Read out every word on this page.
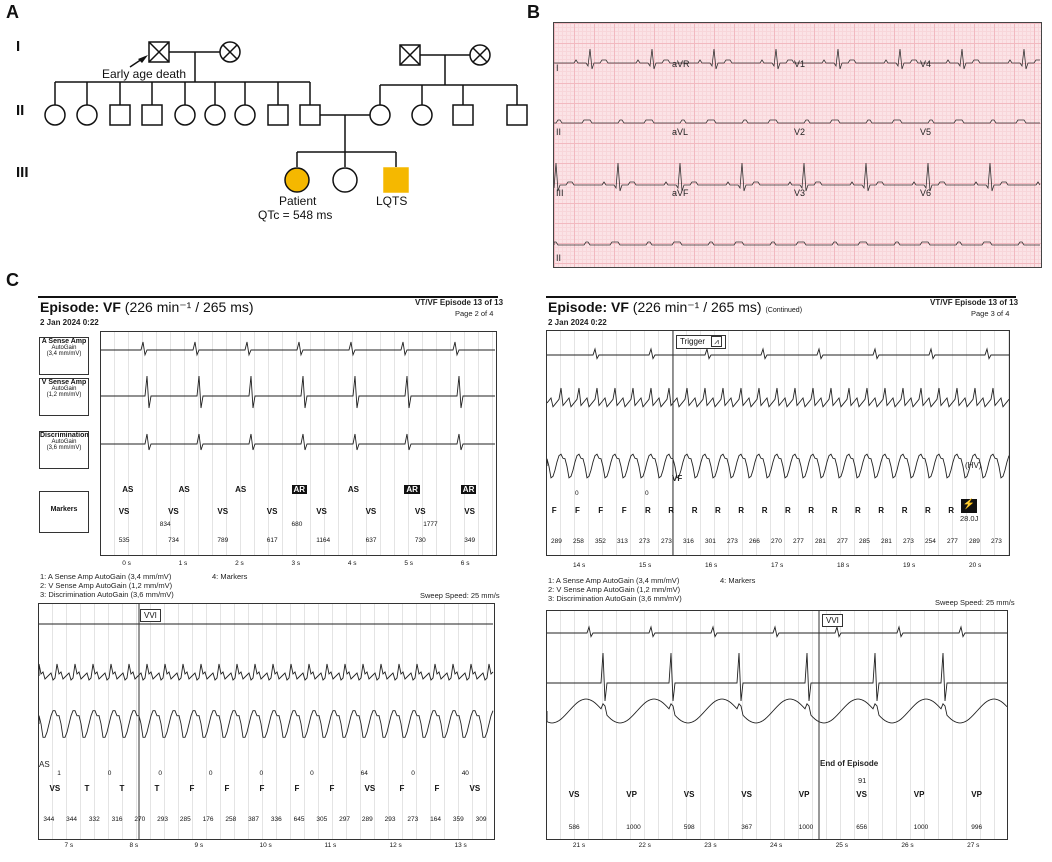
A
I
II
III
Early age death
Patient
QTc = 548 ms
LQTS
B
I	aVR	V1	V4
II	aVL	V2	V5
III	aVF	V3	V6
II
C
Episode: VF (226 min⁻¹ / 265 ms)	VT/VF Episode 13 of 13
Page 2 of 4
2 Jan 2024 0:22
A Sense Amp
AutoGain
(3,4 mm/mV)
V Sense Amp
AutoGain
(1,2 mm/mV)
Discrimination
AutoGain
(3,6 mm/mV)
Markers
AS	AS	AS	AR	AS	AR	AR
VS	VS	VS	VS	VS	VS	VS	VS
834	680	1777
535	734	789	617	1164	637	730	349
0 s	1 s	2 s	3 s	4 s	5 s	6 s
1: A Sense Amp AutoGain (3,4 mm/mV)	4: Markers
2: V Sense Amp AutoGain (1,2 mm/mV)
3: Discrimination AutoGain (3,6 mm/mV)	Sweep Speed: 25 mm/s
VVI
AS
1	0	0	0	0	0	64	0	40
VS	T	T	T	F	F	F	F	F	VS	F	F	VS
344 344 332 316 270 293 285 176 258 387 336 645 305 297 289 293 273 164 359 309
7 s	8 s	9 s	10 s	11 s	12 s	13 s
Episode: VF (226 min⁻¹ / 265 ms) (Continued)
VT/VF Episode 13 of 13
Page 3 of 4
2 Jan 2024 0:22
Trigger ⩘
VF
(HV)
⚡
28.0J
0	0
F F F F R R R R R R R R R R R R R R
289 258 352 313 273 273 316 301 273 266 270 277 281 277 285 281 273 254 277 289 273
14 s	15 s	16 s	17 s	18 s	19 s	20 s
1: A Sense Amp AutoGain (3,4 mm/mV)	4: Markers
2: V Sense Amp AutoGain (1,2 mm/mV)
3: Discrimination AutoGain (3,6 mm/mV)	Sweep Speed: 25 mm/s
VVI
End of Episode
91
VS	VP	VS	VS	VP	VS	VP	VP
586	1000	598	367	1000	656	1000	996
21 s	22 s	23 s	24 s	25 s	26 s	27 s
